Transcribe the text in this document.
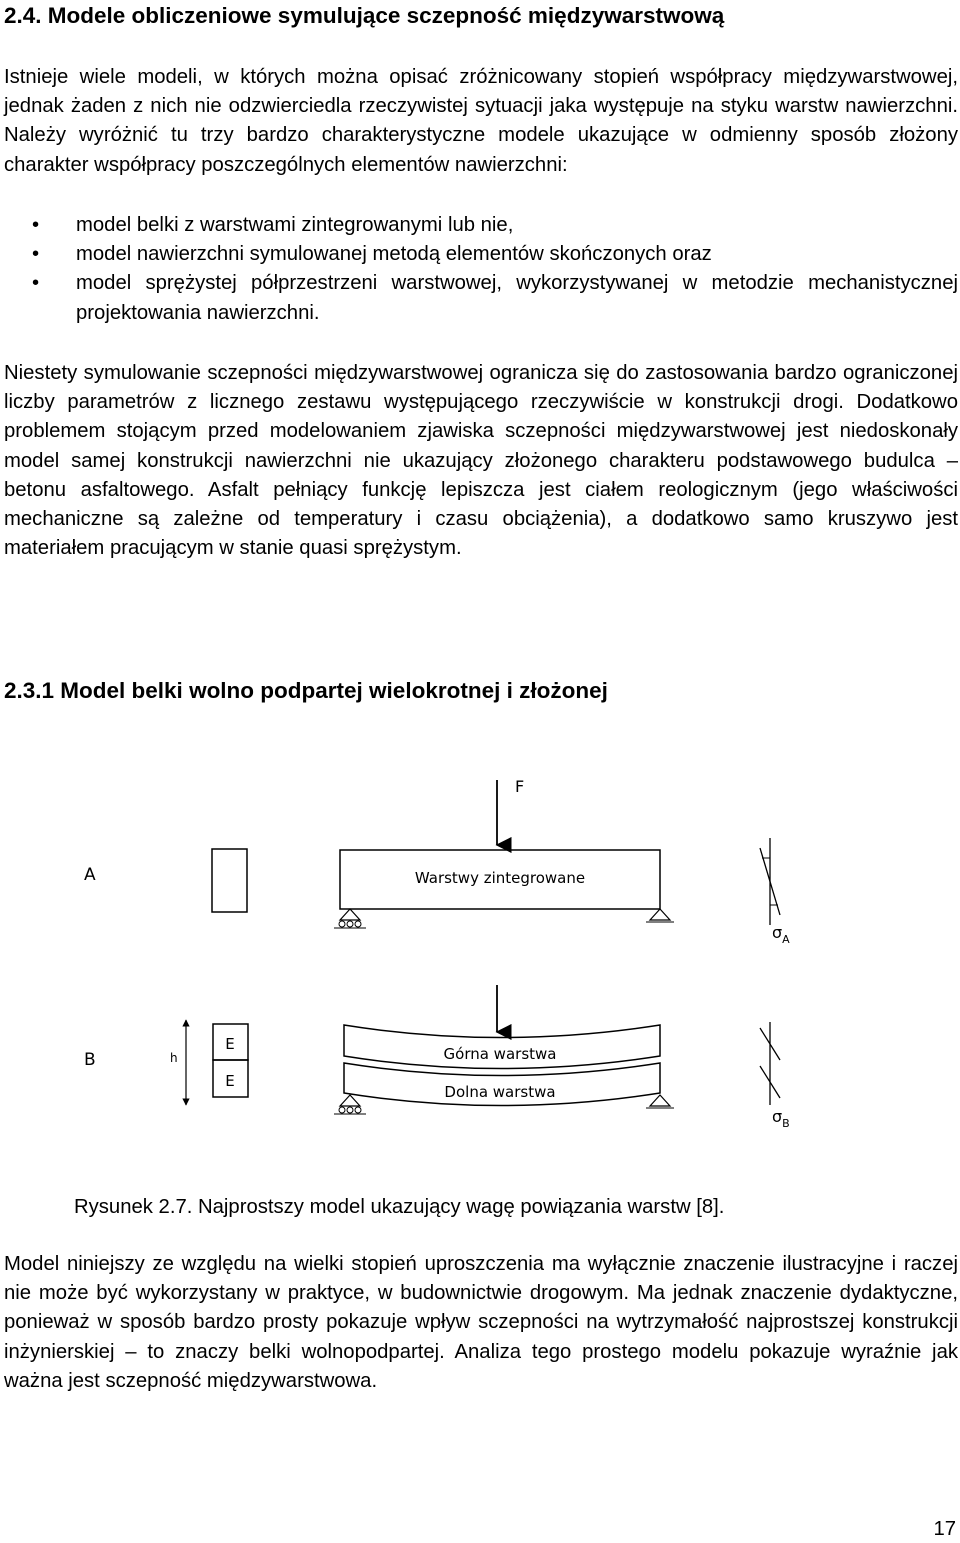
2.4. Modele obliczeniowe symulujące sczepność międzywarstwową
Istnieje wiele modeli, w których można opisać zróżnicowany stopień współpracy międzywarstwowej, jednak żaden z nich nie odzwierciedla rzeczywistej sytuacji jaka występuje na styku warstw nawierzchni. Należy wyróżnić tu trzy bardzo charakterystyczne modele ukazujące w odmienny sposób złożony charakter współpracy poszczególnych elementów nawierzchni:
• model belki z warstwami zintegrowanymi lub nie,
• model nawierzchni symulowanej metodą elementów skończonych oraz
• model sprężystej półprzestrzeni warstwowej, wykorzystywanej w metodzie mechanistycznej projektowania nawierzchni.
Niestety symulowanie sczepności międzywarstwowej ogranicza się do zastosowania bardzo ograniczonej liczby parametrów z licznego zestawu występującego rzeczywiście w konstrukcji drogi. Dodatkowo problemem stojącym przed modelowaniem zjawiska sczepności międzywarstwowej jest niedoskonały model samej konstrukcji nawierzchni nie ukazujący złożonego charakteru podstawowego budulca – betonu asfaltowego. Asfalt pełniący funkcję lepiszcza jest ciałem reologicznym (jego właściwości mechaniczne są zależne od temperatury i czasu obciążenia), a dodatkowo samo kruszywo jest materiałem pracującym w stanie quasi sprężystym.
2.3.1 Model belki wolno podpartej wielokrotnej i złożonej
F
A	Warstwy zintegrowane
$\sigma_A$
B	h
E
E
Górna warstwa
Dolna warstwa
$\sigma_B$
Rysunek 2.7. Najprostszy model ukazujący wagę powiązania warstw [8].
Model niniejszy ze względu na wielki stopień uproszczenia ma wyłącznie znaczenie ilustracyjne i raczej nie może być wykorzystany w praktyce, w budownictwie drogowym. Ma jednak znaczenie dydaktyczne, ponieważ w sposób bardzo prosty pokazuje wpływ sczepności na wytrzymałość najprostszej konstrukcji inżynierskiej – to znaczy belki wolnopodpartej. Analiza tego prostego modelu pokazuje wyraźnie jak ważna jest sczepność międzywarstwowa.
17
